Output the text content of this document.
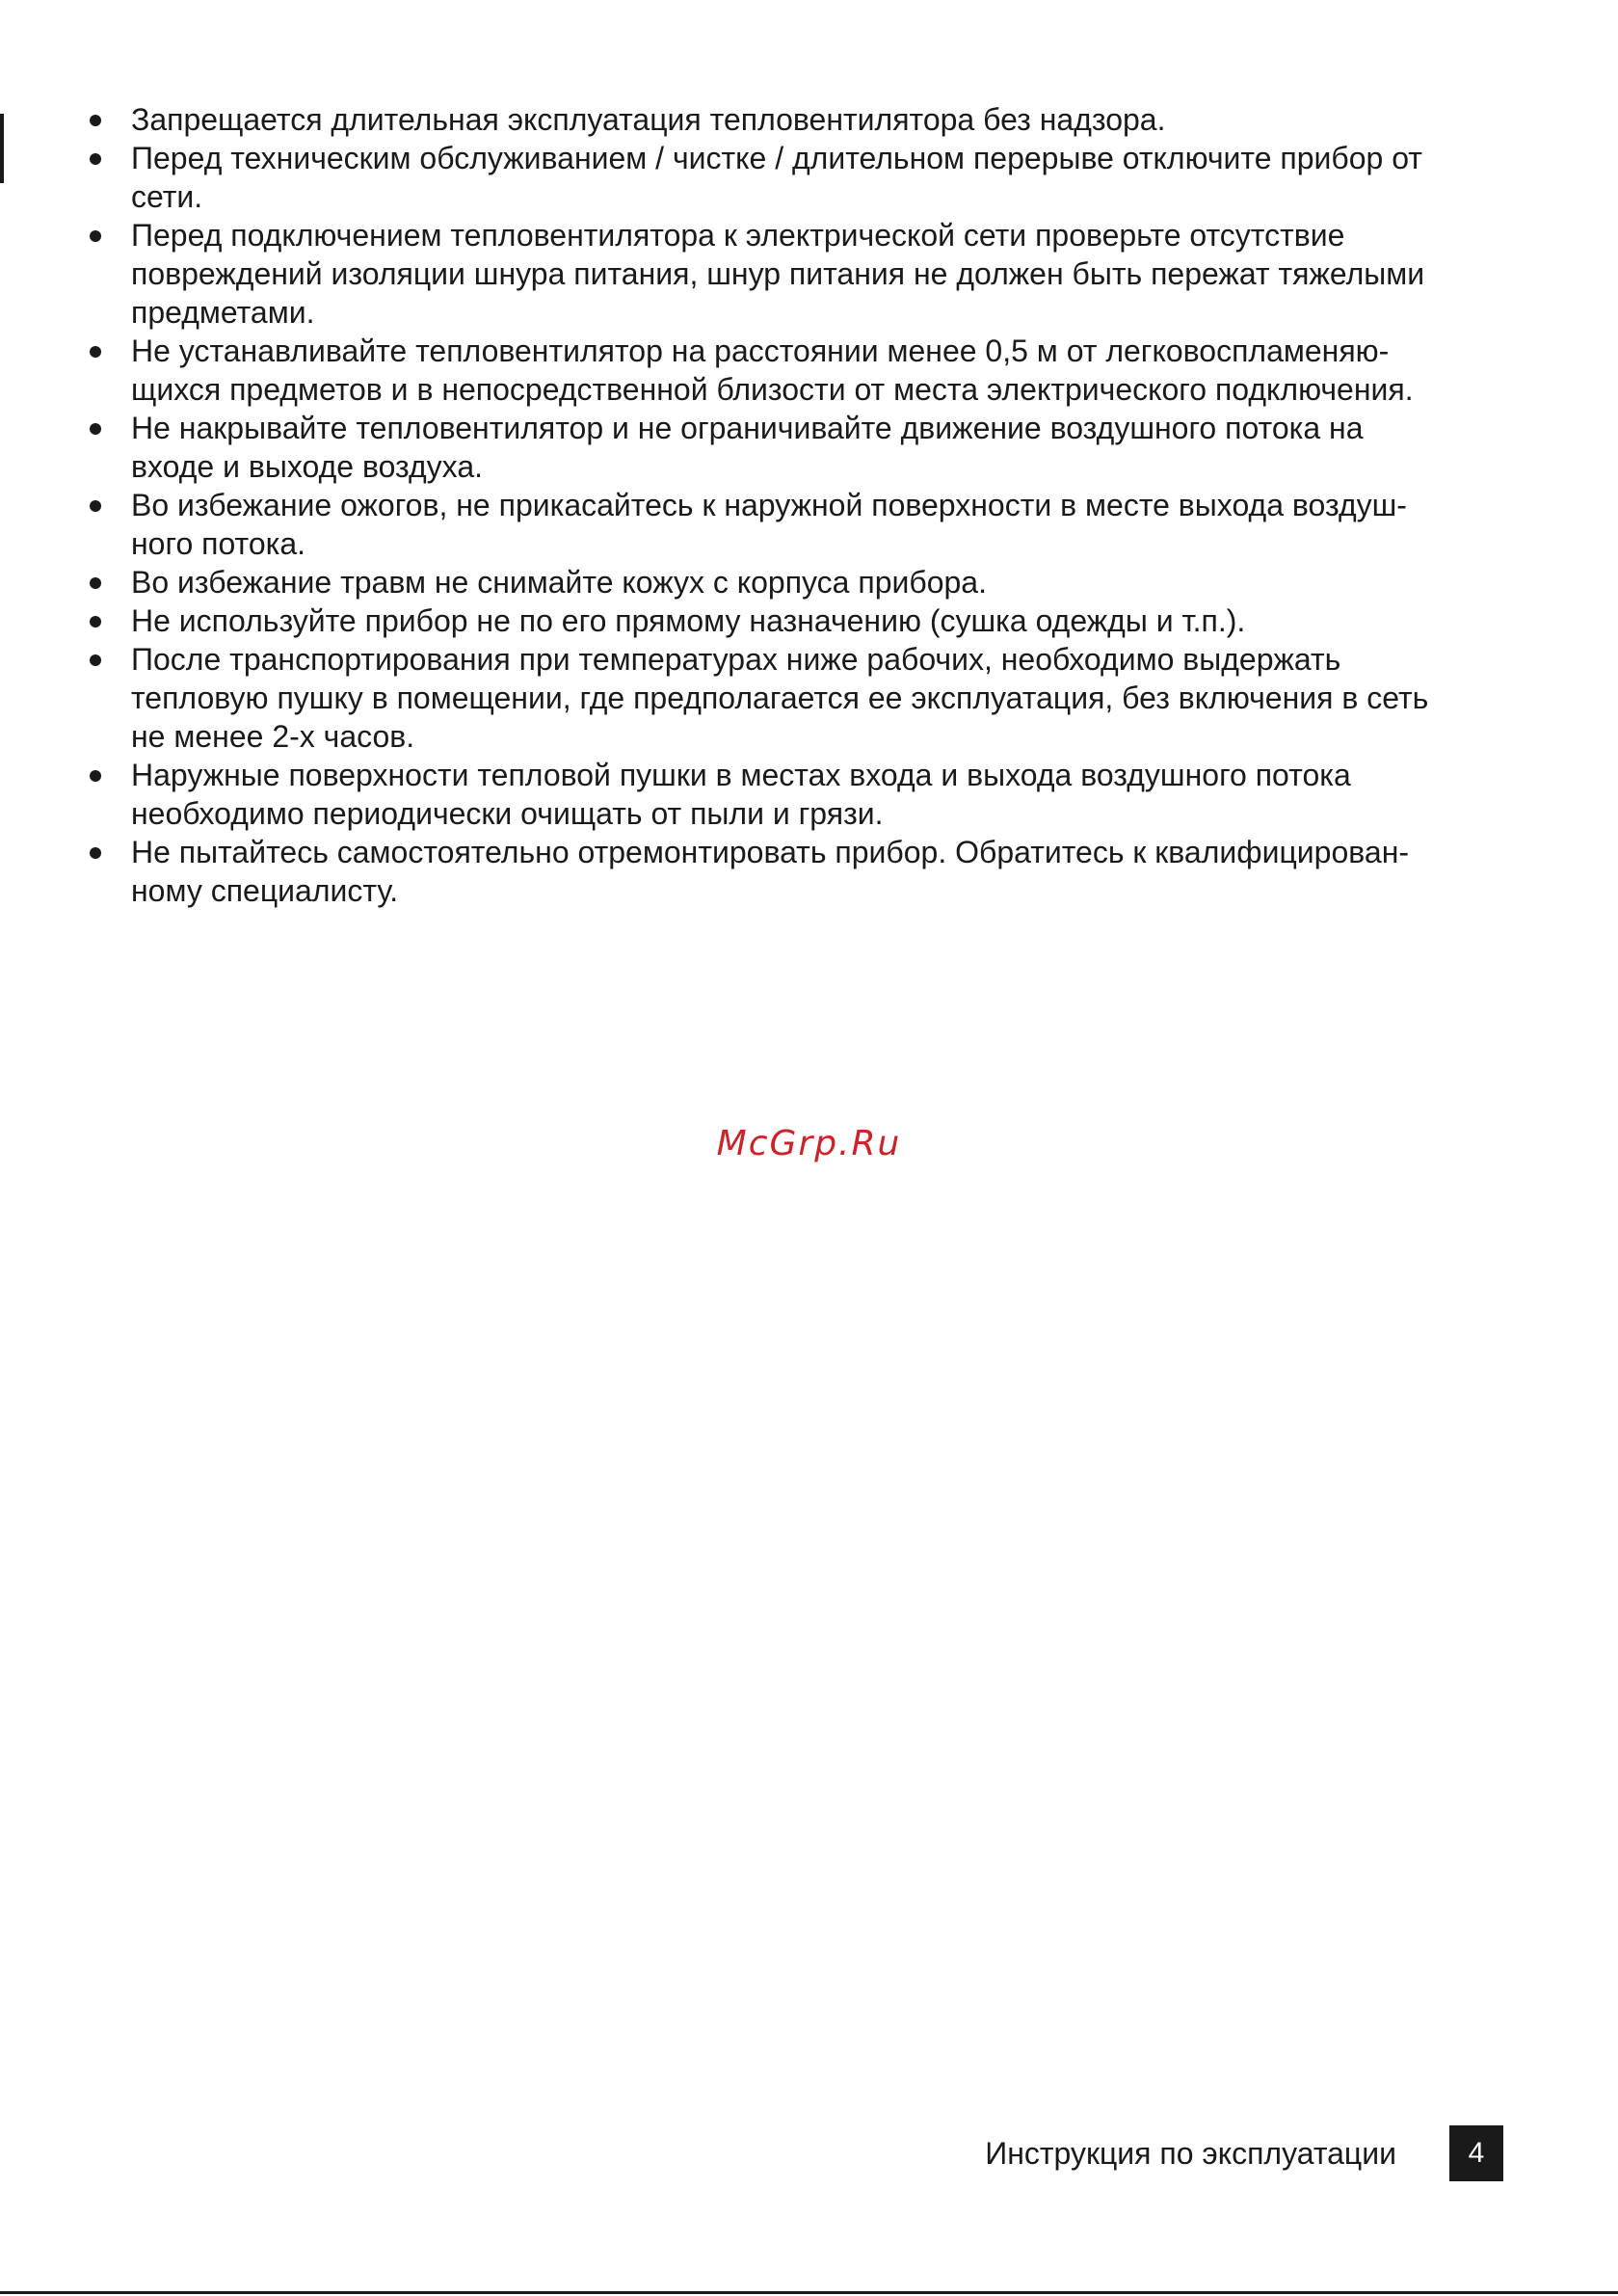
Запрещается длительная эксплуатация тепловентилятора без надзора.
Перед техническим обслуживанием / чистке / длительном перерыве отключите прибор от
сети.
Перед подключением тепловентилятора к электрической сети проверьте отсутствие
повреждений изоляции шнура питания, шнур питания не должен быть пережат тяжелыми
предметами.
Не устанавливайте тепловентилятор на расстоянии менее 0,5 м от легковоспламеняю-
щихся предметов и в непосредственной близости от места электрического подключения.
Не накрывайте тепловентилятор и не ограничивайте движение воздушного потока на
входе и выходе воздуха.
Во избежание ожогов, не прикасайтесь к наружной поверхности в месте выхода воздуш-
ного потока.
Во избежание травм не снимайте кожух с корпуса прибора.
Не используйте прибор не по его прямому назначению (сушка одежды и т.п.).
После транспортирования при температурах ниже рабочих, необходимо выдержать
тепловую пушку в помещении, где предполагается ее эксплуатация, без включения в сеть
не менее 2-х часов.
Наружные поверхности тепловой пушки в местах входа и выхода воздушного потока
необходимо периодически очищать от пыли и грязи.
Не пытайтесь самостоятельно отремонтировать прибор. Обратитесь к квалифицирован-
ному специалисту.
McGrp.Ru
Инструкция по эксплуатации	4
